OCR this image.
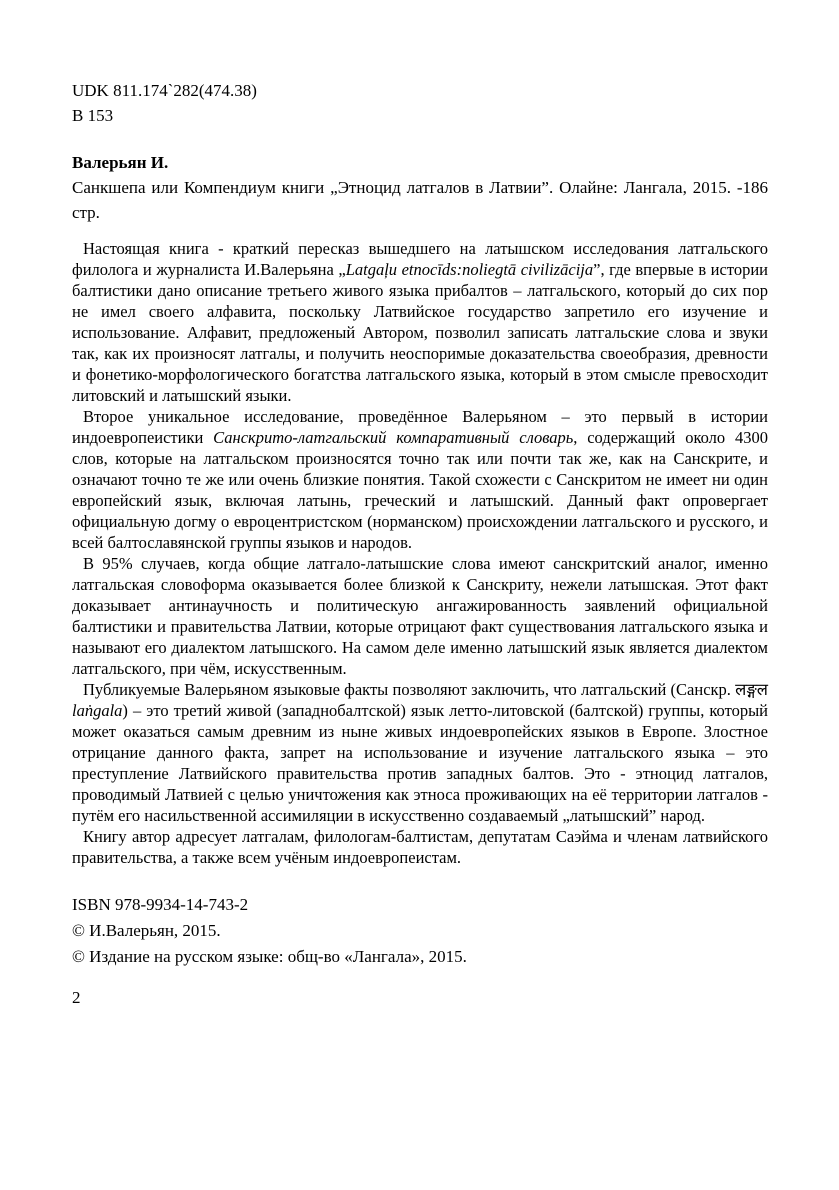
UDK 811.174`282(474.38)
В 153
Валерьян И.
Санкшепа или Компендиум книги „Этноцид латгалов в Латвии”. Олайне: Лангала, 2015. -186 стр.

Настоящая книга - краткий пересказ вышедшего на латышском исследования латгальского филолога и журналиста И.Валерьяна „Latgaļu etnocīds:noliegtā civilizācija”, где впервые в истории балтистики дано описание третьего живого языка прибалтов – латгальского, который до сих пор не имел своего алфавита, поскольку Латвийское государство запретило его изучение и использование. Алфавит, предложеный Автором, позволил записать латгальские слова и звуки так, как их произносят латгалы, и получить неоспоримые доказательства своеобразия, древности и фонетико-морфологического богатства латгальского языка, который в этом смысле превосходит литовский и латышский языки.

Второе уникальное исследование, проведённое Валерьяном – это первый в истории индоевропеистики Санскрито-латгальский компаративный словарь, содержащий около 4300 слов, которые на латгальском произносятся точно так или почти так же, как на Санскрите, и означают точно те же или очень близкие понятия. Такой схожести с Санскритом не имеет ни один европейский язык, включая латынь, греческий и латышский. Данный факт опровергает официальную догму о евроцентристском (норманском) происхождении латгальского и русского, и всей балтославянской группы языков и народов.

В 95% случаев, когда общие латгало-латышские слова имеют санскритский аналог, именно латгальская словоформа оказывается более близкой к Санскриту, нежели латышская. Этот факт доказывает антинаучность и политическую ангажированность заявлений официальной балтистики и правительства Латвии, которые отрицают факт существования латгальского языка и называют его диалектом латышского. На самом деле именно латышский язык является диалектом латгальского, при чём, искусственным.

Публикуемые Валерьяном языковые факты позволяют заключить, что латгальский (Санскр. लङ्गल laṅgala) – это третий живой (западнобалтской) язык летто-литовской (балтской) группы, который может оказаться самым древним из ныне живых индоевропейских языков в Европе. Злостное отрицание данного факта, запрет на использование и изучение латгальского языка – это преступление Латвийского правительства против западных балтов. Это - этноцид латгалов, проводимый Латвией с целью уничтожения как этноса проживающих на её территории латгалов - путём его насильственной ассимиляции в искусственно создаваемый „латышский” народ.

Книгу автор адресует латгалам, филологам-балтистам, депутатам Саэйма и членам латвийского правительства, а также всем учёным индоевропеистам.

ISBN 978-9934-14-743-2
© И.Валерьян, 2015.
© Издание на русском языке: общ-во «Лангала», 2015.
2
